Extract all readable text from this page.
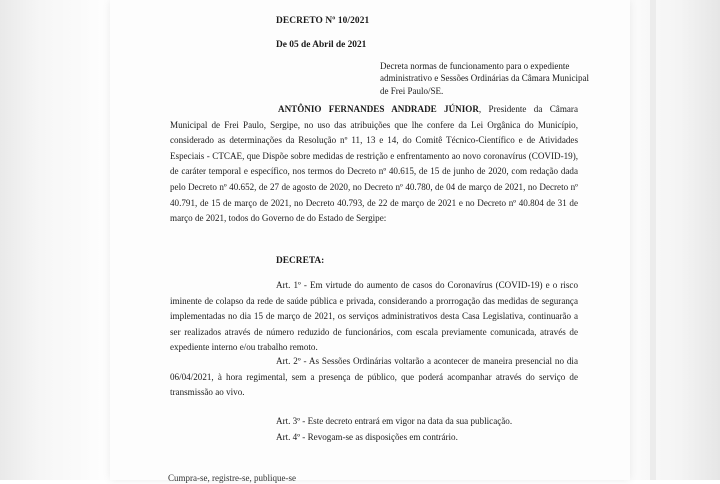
DECRETO Nº 10/2021
De 05 de Abril de 2021
Decreta normas de funcionamento para o expediente administrativo e Sessões Ordinárias da Câmara Municipal de Frei Paulo/SE.
ANTÔNIO FERNANDES ANDRADE JÚNIOR, Presidente da Câmara Municipal de Frei Paulo, Sergipe, no uso das atribuições que lhe confere da Lei Orgânica do Município, considerado as determinações da Resolução nº 11, 13 e 14, do Comitê Técnico-Científico e de Atividades Especiais - CTCAE, que Dispõe sobre medidas de restrição e enfrentamento ao novo coronavírus (COVID-19), de caráter temporal e específico, nos termos do Decreto nº 40.615, de 15 de junho de 2020, com redação dada pelo Decreto nº 40.652, de 27 de agosto de 2020, no Decreto nº 40.780, de 04 de março de 2021, no Decreto nº 40.791, de 15 de março de 2021, no Decreto 40.793, de 22 de março de 2021 e no Decreto nº 40.804 de 31 de março de 2021, todos do Governo de do Estado de Sergipe:
DECRETA:
Art. 1º - Em virtude do aumento de casos do Coronavírus (COVID-19) e o risco iminente de colapso da rede de saúde pública e privada, considerando a prorrogação das medidas de segurança implementadas no dia 15 de março de 2021, os serviços administrativos desta Casa Legislativa, continuarão a ser realizados através de número reduzido de funcionários, com escala previamente comunicada, através de expediente interno e/ou trabalho remoto.
Art. 2º - As Sessões Ordinárias voltarão a acontecer de maneira presencial no dia 06/04/2021, à hora regimental, sem a presença de público, que poderá acompanhar através do serviço de transmissão ao vivo.
Art. 3º - Este decreto entrará em vigor na data da sua publicação.
Art. 4º - Revogam-se as disposições em contrário.
Cumpra-se, registre-se, publique-se
